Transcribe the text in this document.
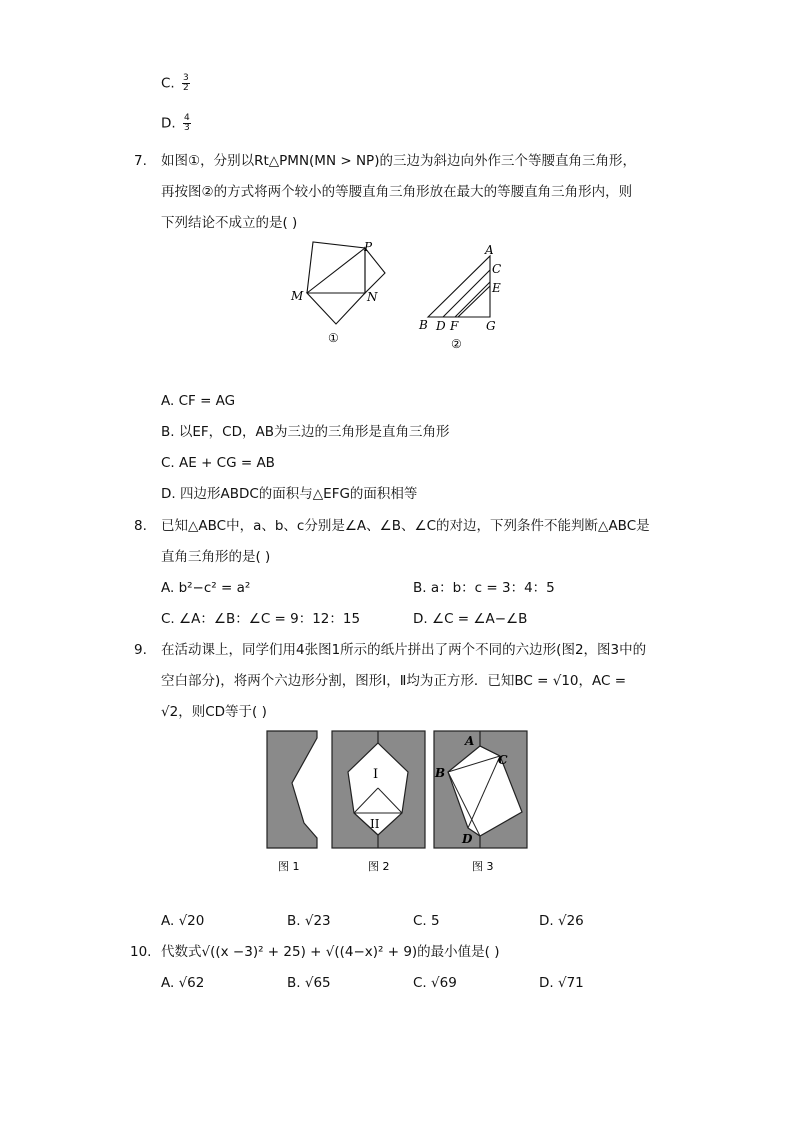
C. $\frac{3}{2}$
D. $\frac{4}{3}$
7. 如图①，分别以Rt△PMN(MN > NP)的三边为斜边向外作三个等腰直角三角形，
再按图②的方式将两个较小的等腰直角三角形放在最大的等腰直角三角形内，则
下列结论不成立的是( )
P
M	N
①
A
C
E
B D F G
②
A. CF = AG
B. 以EF，CD，AB为三边的三角形是直角三角形
C. AE + CG = AB
D. 四边形ABDC的面积与△EFG的面积相等
8. 已知△ABC中，a、b、c分别是∠A、∠B、∠C的对边，下列条件不能判断△ABC是
直角三角形的是( )
A. b²−c² = a²	B. a：b：c = 3：4：5
C. ∠A：∠B：∠C = 9：12：15	D. ∠C = ∠A−∠B
9. 在活动课上，同学们用4张图1所示的纸片拼出了两个不同的六边形(图2，图3中的
空白部分)，将两个六边形分割，图形Ⅰ，Ⅱ均为正方形．已知BC = √10，AC =
√2，则CD等于( )
I
II
A
B
C
D
图 1	图 2	图 3
A. √20	B. √23	C. 5	D. √26
10. 代数式√((x −3)² + 25) + √((4−x)² + 9)的最小值是( )
A. √62	B. √65	C. √69	D. √71
